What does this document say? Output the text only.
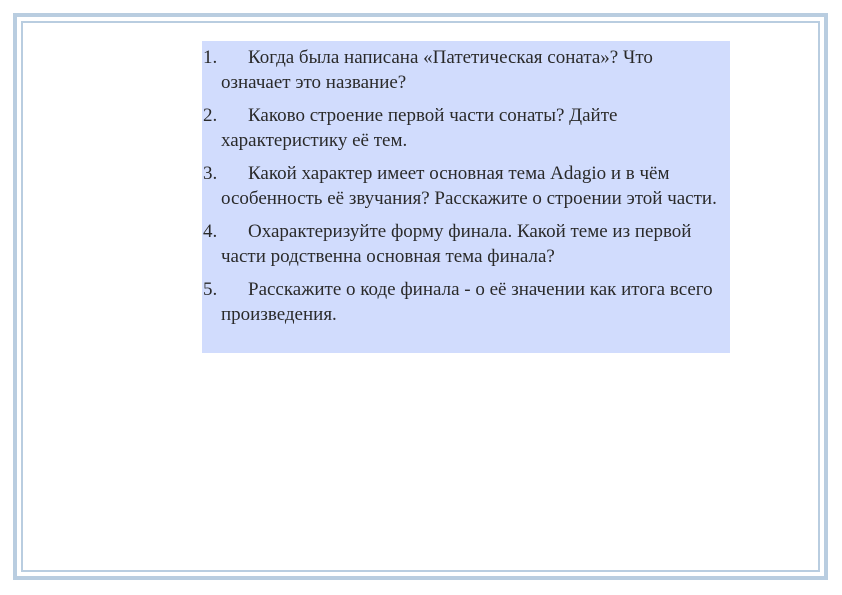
1. Когда была написана «Патетическая соната»? Что означает это название?
2. Каково строение первой части сонаты? Дайте характеристику её тем.
3. Какой характер имеет основная тема Adagio и в чём особенность её звучания? Расскажите о строении этой части.
4. Охарактеризуйте форму финала. Какой теме из первой части родственна основная тема финала?
5. Расскажите о коде финала - о её значении как итога всего произведения.
